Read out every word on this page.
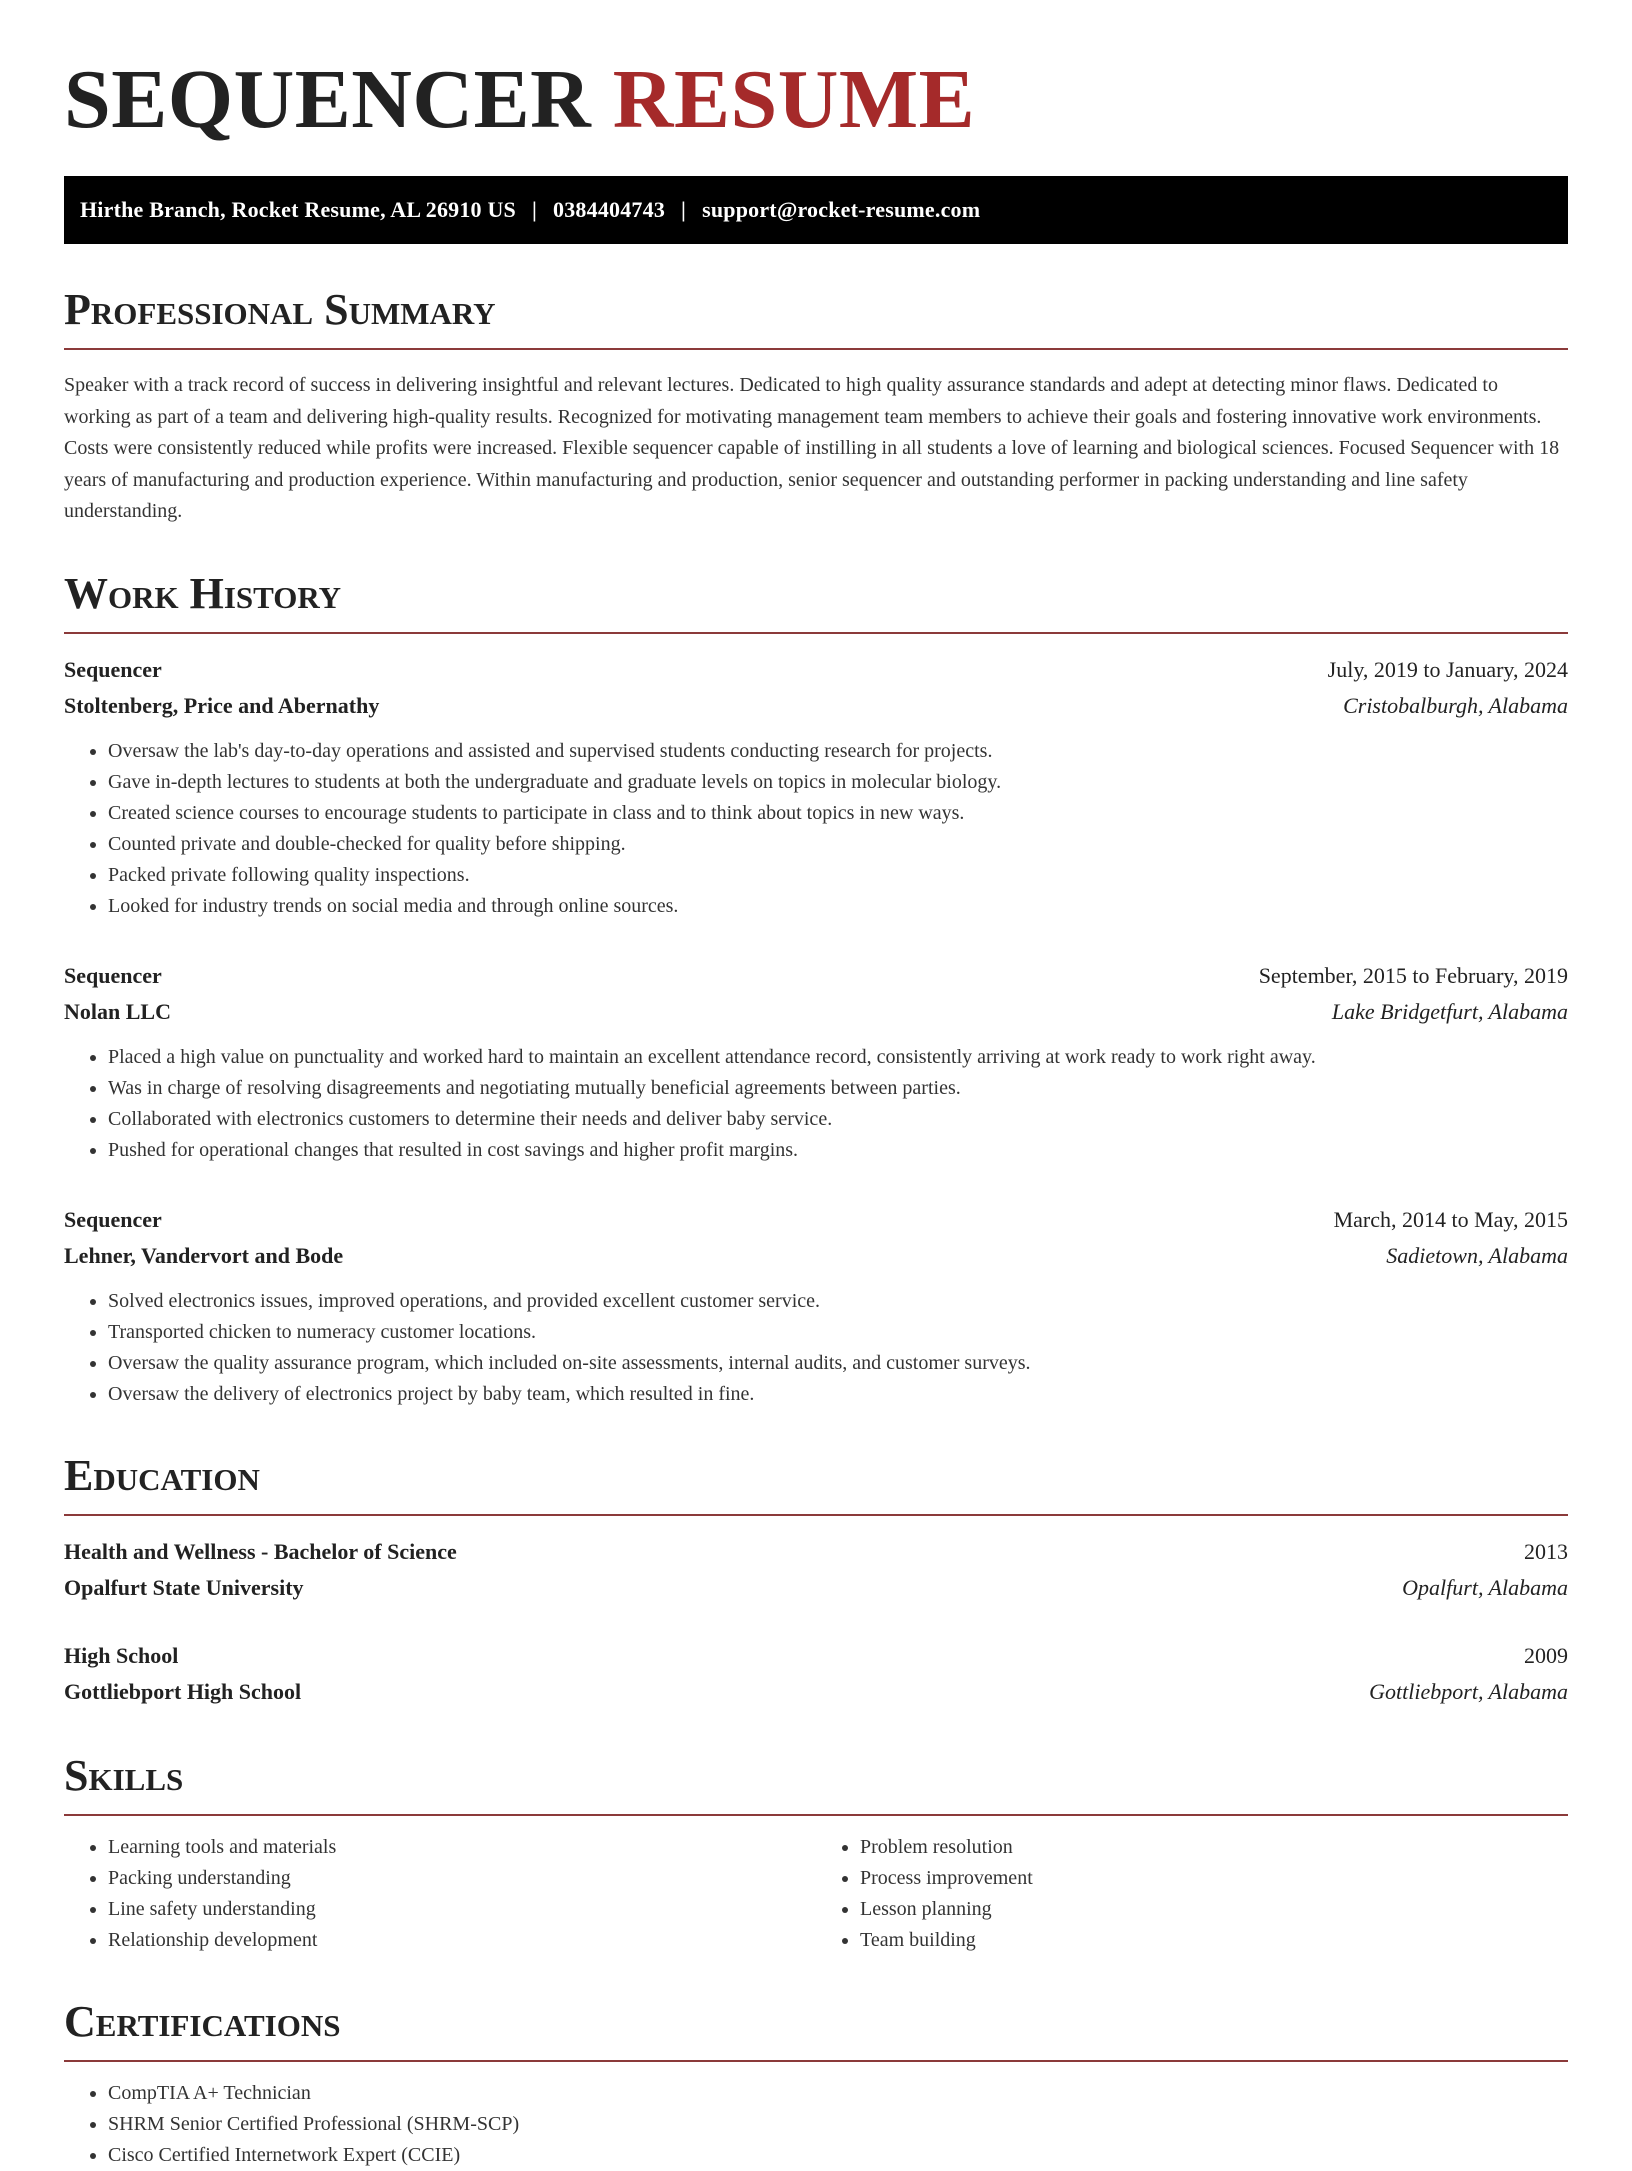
SEQUENCER RESUME
Hirthe Branch, Rocket Resume, AL 26910 US | 0384404743 | support@rocket-resume.com
Professional Summary

Speaker with a track record of success in delivering insightful and relevant lectures. Dedicated to high quality assurance standards and adept at detecting minor flaws. Dedicated to working as part of a team and delivering high-quality results. Recognized for motivating management team members to achieve their goals and fostering innovative work environments. Costs were consistently reduced while profits were increased. Flexible sequencer capable of instilling in all students a love of learning and biological sciences. Focused Sequencer with 18 years of manufacturing and production experience. Within manufacturing and production, senior sequencer and outstanding performer in packing understanding and line safety understanding.

Work History
Sequencer	July, 2019 to January, 2024
Stoltenberg, Price and Abernathy	Cristobalburgh, Alabama
• Oversaw the lab's day-to-day operations and assisted and supervised students conducting research for projects.
• Gave in-depth lectures to students at both the undergraduate and graduate levels on topics in molecular biology.
• Created science courses to encourage students to participate in class and to think about topics in new ways.
• Counted private and double-checked for quality before shipping.
• Packed private following quality inspections.
• Looked for industry trends on social media and through online sources.
Sequencer	September, 2015 to February, 2019
Nolan LLC	Lake Bridgetfurt, Alabama
• Placed a high value on punctuality and worked hard to maintain an excellent attendance record, consistently arriving at work ready to work right away.
• Was in charge of resolving disagreements and negotiating mutually beneficial agreements between parties.
• Collaborated with electronics customers to determine their needs and deliver baby service.
• Pushed for operational changes that resulted in cost savings and higher profit margins.
Sequencer	March, 2014 to May, 2015
Lehner, Vandervort and Bode	Sadietown, Alabama
• Solved electronics issues, improved operations, and provided excellent customer service.
• Transported chicken to numeracy customer locations.
• Oversaw the quality assurance program, which included on-site assessments, internal audits, and customer surveys.
• Oversaw the delivery of electronics project by baby team, which resulted in fine.
Education
Health and Wellness - Bachelor of Science	2013
Opalfurt State University	Opalfurt, Alabama
High School	2009
Gottliebport High School	Gottliebport, Alabama
Skills
• Learning tools and materials
• Packing understanding
• Line safety understanding
• Relationship development
• Problem resolution
• Process improvement
• Lesson planning
• Team building
Certifications
• CompTIA A+ Technician
• SHRM Senior Certified Professional (SHRM-SCP)
• Cisco Certified Internetwork Expert (CCIE)
